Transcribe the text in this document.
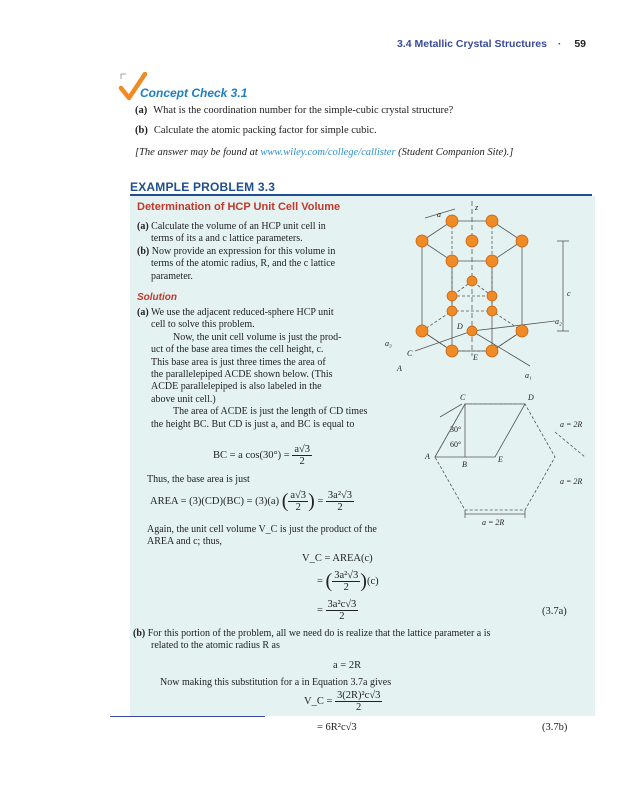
3.4 Metallic Crystal Structures · 59
Concept Check 3.1
(a) What is the coordination number for the simple-cubic crystal structure?
(b) Calculate the atomic packing factor for simple cubic.
[The answer may be found at www.wiley.com/college/callister (Student Companion Site).]
EXAMPLE PROBLEM 3.3
Determination of HCP Unit Cell Volume
(a) Calculate the volume of an HCP unit cell in
terms of its a and c lattice parameters.
(b) Now provide an expression for this volume in
terms of the atomic radius, R, and the c lattice
parameter.
Solution
(a) We use the adjacent reduced-sphere HCP unit
cell to solve this problem.
Now, the unit cell volume is just the prod-
uct of the base area times the cell height, c.
This base area is just three times the area of
the parallelepiped ACDE shown below. (This
ACDE parallelepiped is also labeled in the
above unit cell.)
The area of ACDE is just the length of CD times
the height BC. But CD is just a, and BC is equal to
BC = a $\cos(30^\circ) = \frac{a√3}{2}$
Thus, the base area is just
AREA = (3)(CD)(BC) = (3)(a) ( $\frac{a√3}{2}$ ) = $\frac{\text{3a²√3}}{2}$
Again, the unit cell volume V_C is just the product of the
AREA and c; thus,
V_C = AREA(c)
= ( $\frac{\text{3a²√3}}{2} )(c)$
= $\frac{\text{3a²c√3}}{2}$	(3.7a)
(b) For this portion of the problem, all we need do is realize that the lattice parameter a is
related to the atomic radius R as
a = 2R
Now making this substitution for a in Equation 3.7a gives
V_C = $\frac{\text{3(2R)²c√3}}{2}$
= 6R²c√3	(3.7b)
a
z
c
D
a₂
a₃
C	E
A
a₁
C	D
A
B
E
30°
60°
a = 2R
a = 2R
a = 2R
